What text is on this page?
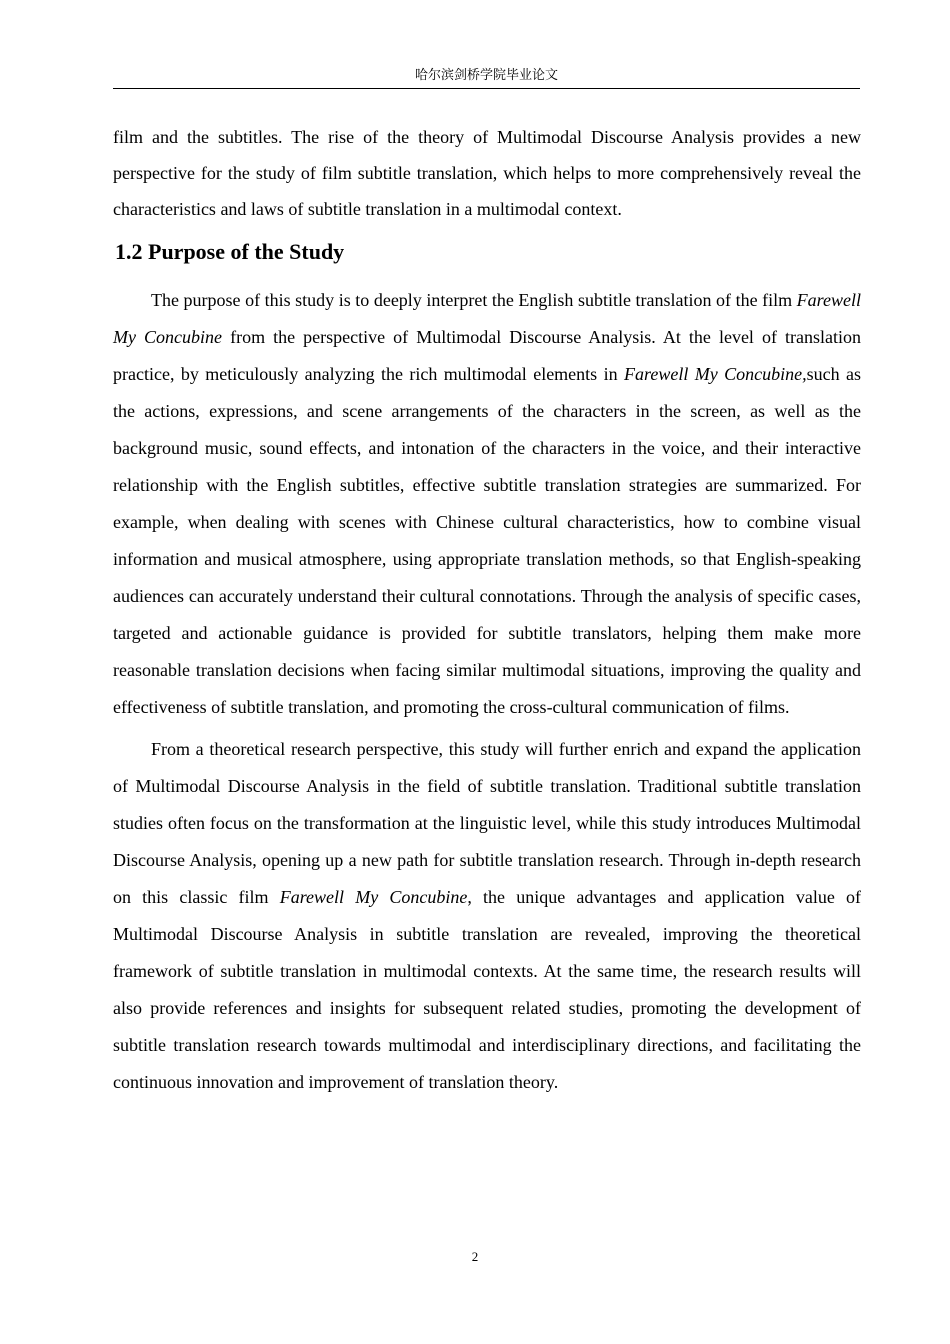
哈尔滨剑桥学院毕业论文

film and the subtitles. The rise of the theory of Multimodal Discourse Analysis provides a new perspective for the study of film subtitle translation, which helps to more comprehensively reveal the characteristics and laws of subtitle translation in a multimodal context.

1.2 Purpose of the Study

The purpose of this study is to deeply interpret the English subtitle translation of the film Farewell My Concubine from the perspective of Multimodal Discourse Analysis. At the level of translation practice, by meticulously analyzing the rich multimodal elements in Farewell My Concubine,such as the actions, expressions, and scene arrangements of the characters in the screen, as well as the background music, sound effects, and intonation of the characters in the voice, and their interactive relationship with the English subtitles, effective subtitle translation strategies are summarized. For example, when dealing with scenes with Chinese cultural characteristics, how to combine visual information and musical atmosphere, using appropriate translation methods, so that English-speaking audiences can accurately understand their cultural connotations. Through the analysis of specific cases, targeted and actionable guidance is provided for subtitle translators, helping them make more reasonable translation decisions when facing similar multimodal situations, improving the quality and effectiveness of subtitle translation, and promoting the cross-cultural communication of films.

From a theoretical research perspective, this study will further enrich and expand the application of Multimodal Discourse Analysis in the field of subtitle translation. Traditional subtitle translation studies often focus on the transformation at the linguistic level, while this study introduces Multimodal Discourse Analysis, opening up a new path for subtitle translation research. Through in-depth research on this classic film Farewell My Concubine, the unique advantages and application value of Multimodal Discourse Analysis in subtitle translation are revealed, improving the theoretical framework of subtitle translation in multimodal contexts. At the same time, the research results will also provide references and insights for subsequent related studies, promoting the development of subtitle translation research towards multimodal and interdisciplinary directions, and facilitating the continuous innovation and improvement of translation theory.

2
